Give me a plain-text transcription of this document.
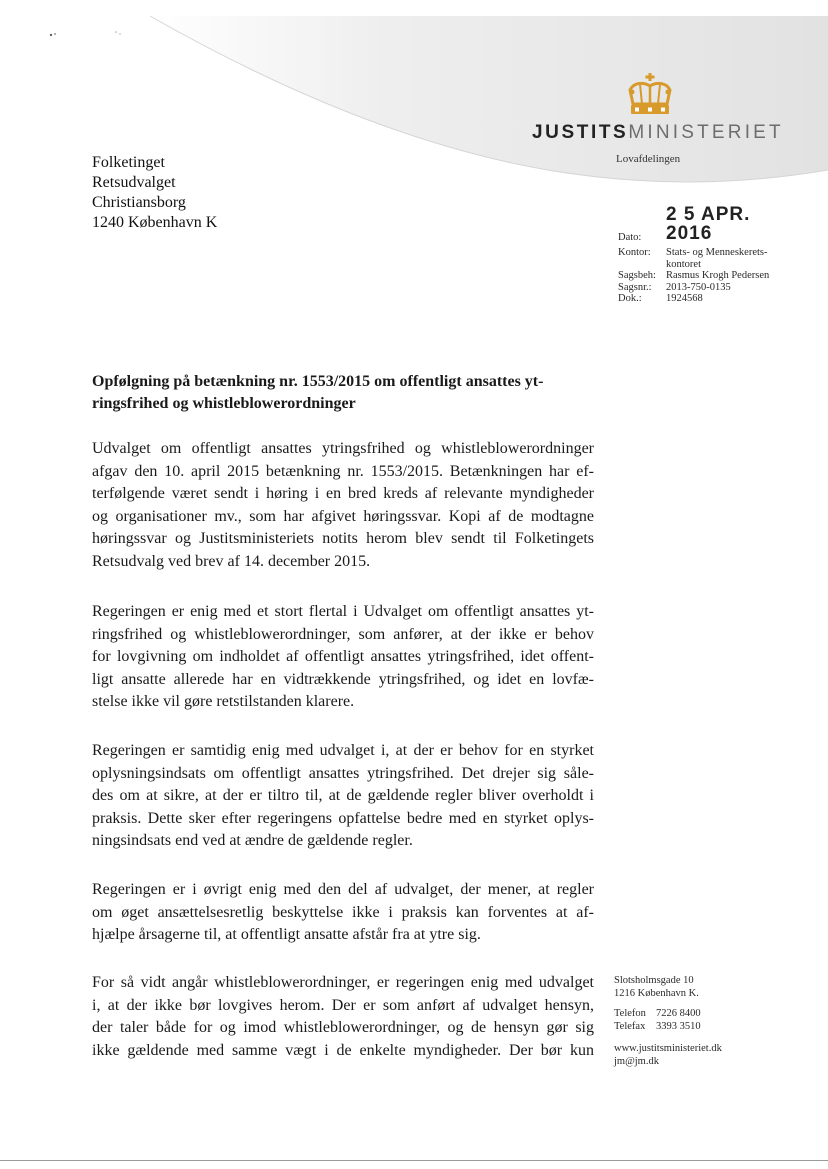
JUSTITSMINISTERIET
Lovafdelingen
Folketinget
Retsudvalget
Christiansborg
1240 København K
Dato:
2 5 APR. 2016
Kontor:	Stats- og Menneskerets-
kontoret
Sagsbeh: Rasmus Krogh Pedersen
Sagsnr.:	2013-750-0135
Dok.:	1924568
Opfølgning på betænkning nr. 1553/2015 om offentligt ansattes yt-
ringsfrihed og whistleblowerordninger
Udvalget om offentligt ansattes ytringsfrihed og whistleblowerordninger
afgav den 10. april 2015 betænkning nr. 1553/2015. Betænkningen har ef-
terfølgende været sendt i høring i en bred kreds af relevante myndigheder
og organisationer mv., som har afgivet høringssvar. Kopi af de modtagne
høringssvar og Justitsministeriets notits herom blev sendt til Folketingets
Retsudvalg ved brev af 14. december 2015.
Regeringen er enig med et stort flertal i Udvalget om offentligt ansattes yt-
ringsfrihed og whistleblowerordninger, som anfører, at der ikke er behov
for lovgivning om indholdet af offentligt ansattes ytringsfrihed, idet offent-
ligt ansatte allerede har en vidtrækkende ytringsfrihed, og idet en lovfæ-
stelse ikke vil gøre retstilstanden klarere.
Regeringen er samtidig enig med udvalget i, at der er behov for en styrket
oplysningsindsats om offentligt ansattes ytringsfrihed. Det drejer sig såle-
des om at sikre, at der er tiltro til, at de gældende regler bliver overholdt i
praksis. Dette sker efter regeringens opfattelse bedre med en styrket oplys-
ningsindsats end ved at ændre de gældende regler.
Regeringen er i øvrigt enig med den del af udvalget, der mener, at regler
om øget ansættelsesretlig beskyttelse ikke i praksis kan forventes at af-
hjælpe årsagerne til, at offentligt ansatte afstår fra at ytre sig.
For så vidt angår whistleblowerordninger, er regeringen enig med udvalget
i, at der ikke bør lovgives herom. Der er som anført af udvalget hensyn,
der taler både for og imod whistleblowerordninger, og de hensyn gør sig
ikke gældende med samme vægt i de enkelte myndigheder. Der bør kun
Slotsholmsgade 10
1216 København K.
Telefon 7226 8400
Telefax	3393 3510
www.justitsministeriet.dk
jm@jm.dk
